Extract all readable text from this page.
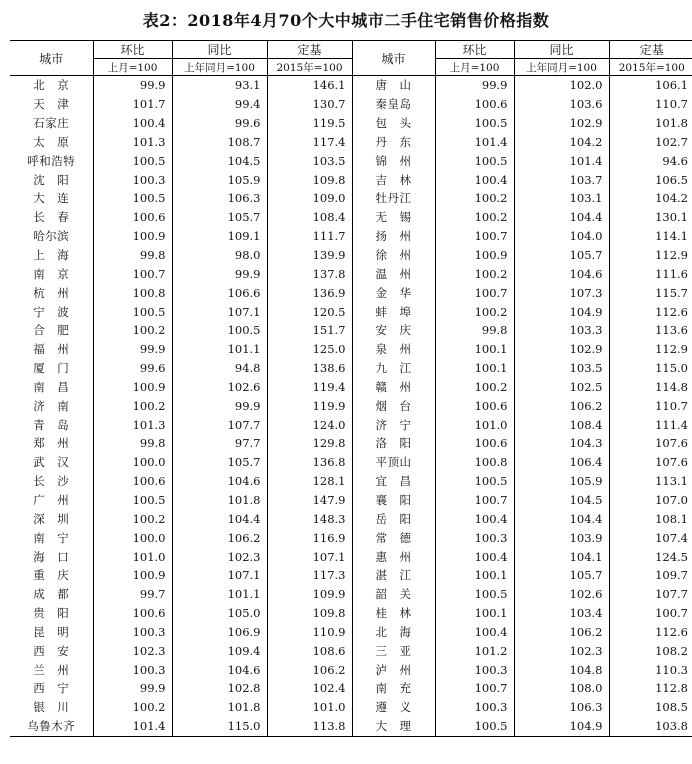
表2：2018年4月70个大中城市二手住宅销售价格指数
城市	环比	同比	定基	城市	环比	同比	定基
	上月=100	上年同月=100	2015年=100		上月=100	上年同月=100	2015年=100
北　京	99.9	93.1	146.1	唐　山	99.9	102.0	106.1
天　津	101.7	99.4	130.7	秦皇岛	100.6	103.6	110.7
石家庄	100.4	99.6	119.5	包　头	100.5	102.9	101.8
太　原	101.3	108.7	117.4	丹　东	101.4	104.2	102.7
呼和浩特	100.5	104.5	103.5	锦　州	100.5	101.4	94.6
沈　阳	100.3	105.9	109.8	吉　林	100.4	103.7	106.5
大　连	100.5	106.3	109.0	牡丹江	100.2	103.1	104.2
长　春	100.6	105.7	108.4	无　锡	100.2	104.4	130.1
哈尔滨	100.9	109.1	111.7	扬　州	100.7	104.0	114.1
上　海	99.8	98.0	139.9	徐　州	100.9	105.7	112.9
南　京	100.7	99.9	137.8	温　州	100.2	104.6	111.6
杭　州	100.8	106.6	136.9	金　华	100.7	107.3	115.7
宁　波	100.5	107.1	120.5	蚌　埠	100.2	104.9	112.6
合　肥	100.2	100.5	151.7	安　庆	99.8	103.3	113.6
福　州	99.9	101.1	125.0	泉　州	100.1	102.9	112.9
厦　门	99.6	94.8	138.6	九　江	100.1	103.5	115.0
南　昌	100.9	102.6	119.4	赣　州	100.2	102.5	114.8
济　南	100.2	99.9	119.9	烟　台	100.6	106.2	110.7
青　岛	101.3	107.7	124.0	济　宁	101.0	108.4	111.4
郑　州	99.8	97.7	129.8	洛　阳	100.6	104.3	107.6
武　汉	100.0	105.7	136.8	平顶山	100.8	106.4	107.6
长　沙	100.6	104.6	128.1	宜　昌	100.5	105.9	113.1
广　州	100.5	101.8	147.9	襄　阳	100.7	104.5	107.0
深　圳	100.2	104.4	148.3	岳　阳	100.4	104.4	108.1
南　宁	100.0	106.2	116.9	常　德	100.3	103.9	107.4
海　口	101.0	102.3	107.1	惠　州	100.4	104.1	124.5
重　庆	100.9	107.1	117.3	湛　江	100.1	105.7	109.7
成　都	99.7	101.1	109.9	韶　关	100.5	102.6	107.7
贵　阳	100.6	105.0	109.8	桂　林	100.1	103.4	100.7
昆　明	100.3	106.9	110.9	北　海	100.4	106.2	112.6
西　安	102.3	109.4	108.6	三　亚	101.2	102.3	108.2
兰　州	100.3	104.6	106.2	泸　州	100.3	104.8	110.3
西　宁	99.9	102.8	102.4	南　充	100.7	108.0	112.8
银　川	100.2	101.8	101.0	遵　义	100.3	106.3	108.5
乌鲁木齐	101.4	115.0	113.8	大　理	100.5	104.9	103.8
